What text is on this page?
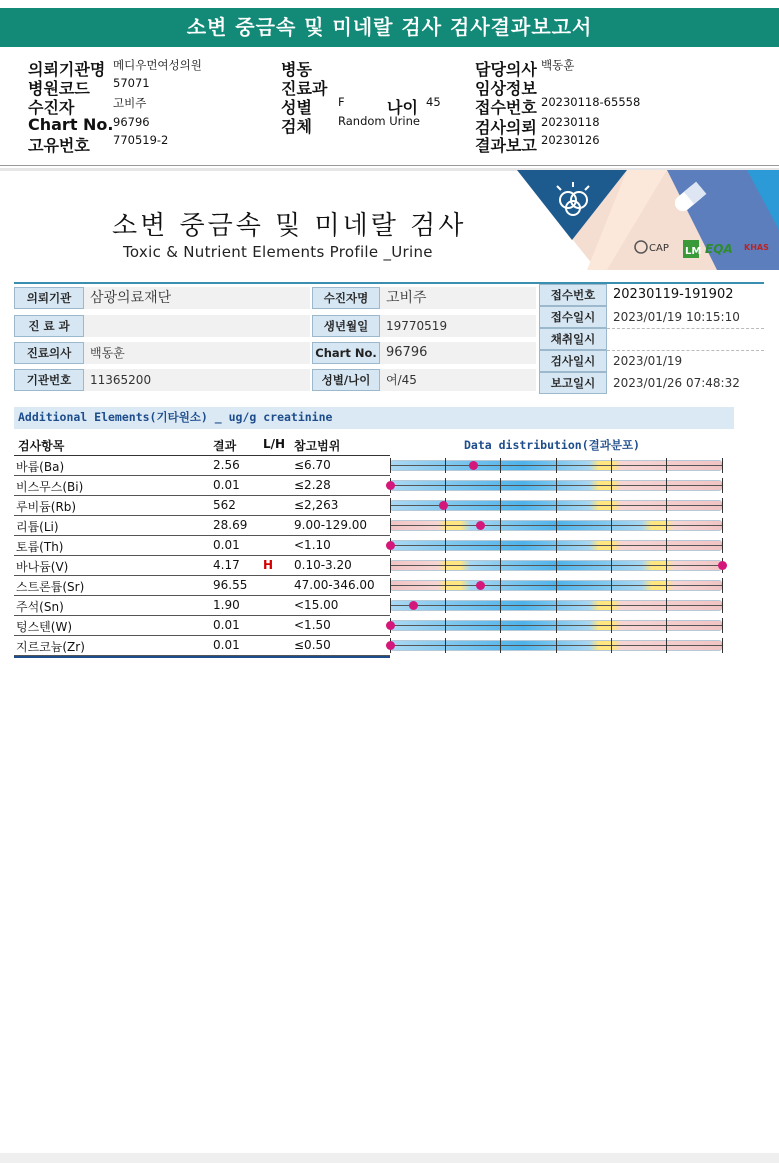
소변 중금속 및 미네랄 검사 검사결과보고서
의뢰기관명 메디우먼여성의원
병원코드 57071
수진자	고비주
Chart No. 96796
고유번호 770519-2
병동
진료과
성별 F	나이 45
검체 Random Urine
담당의사 백동훈
임상정보
접수번호 20230118-65558
검사의뢰 20230118
결과보고 20230126
소변 중금속 및 미네랄 검사
Toxic & Nutrient Elements Profile _Urine	CAP LM EQA KHAS
의뢰기관	삼광의료재단
진 료 과
진료의사	백동훈
기관번호	11365200
수진자명	고비주
생년월일	19770519
Chart No. 96796
성별/나이	여/45
접수번호	20230119-191902
접수일시	2023/01/19 10:15:10
채취일시
검사일시	2023/01/19
보고일시	2023/01/26 07:48:32
Additional Elements(기타원소) _ ug/g creatinine
검사항목	결과 L/H 참고범위	Data distribution(결과분포)
바륨(Ba)	2.56	≤6.70
비스무스(Bi)	0.01	≤2.28
루비듐(Rb)	562	≤2,263
리튬(Li)	28.69	9.00-129.00
토륨(Th)	0.01	<1.10
바나듐(V)	4.17 H 0.10-3.20
스트론튬(Sr)	96.55	47.00-346.00
주석(Sn)	1.90	<15.00
텅스텐(W)	0.01	<1.50
지르코늄(Zr)	0.01	≤0.50
